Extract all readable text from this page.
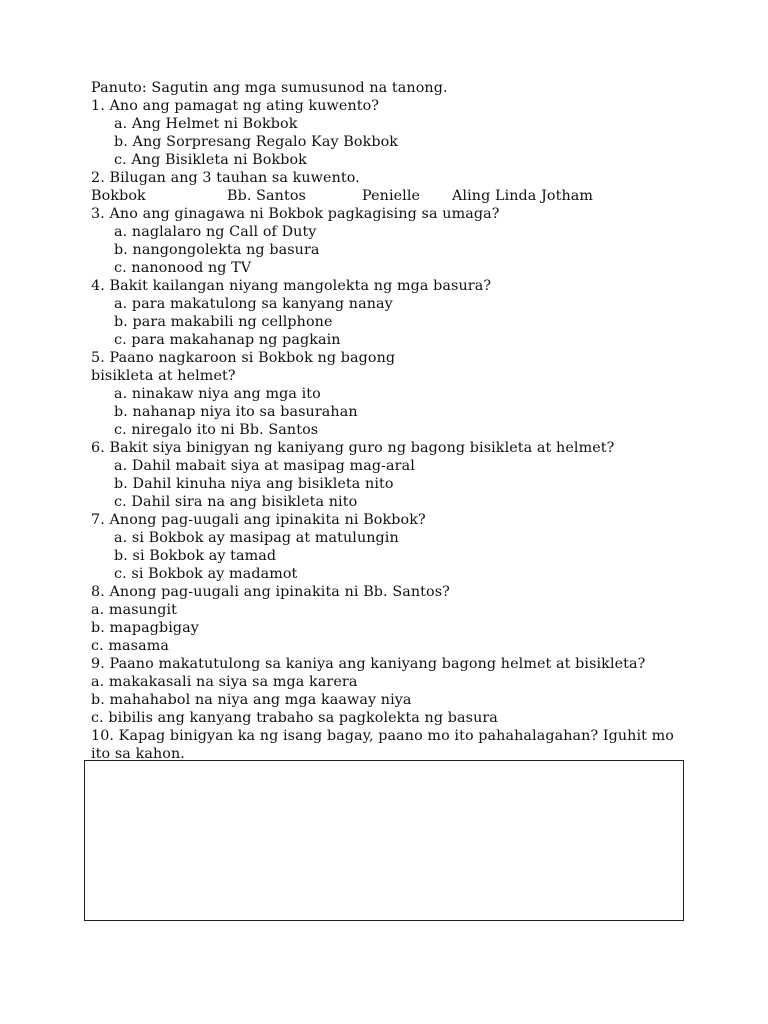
Panuto: Sagutin ang mga sumusunod na tanong.
1. Ano ang pamagat ng ating kuwento?
a. Ang Helmet ni Bokbok
b. Ang Sorpresang Regalo Kay Bokbok
c. Ang Bisikleta ni Bokbok
2. Bilugan ang 3 tauhan sa kuwento.
Bokbok	Bb. Santos	Penielle Aling Linda Jotham
3. Ano ang ginagawa ni Bokbok pagkagising sa umaga?
a. naglalaro ng Call of Duty
b. nangongolekta ng basura
c. nanonood ng TV
4. Bakit kailangan niyang mangolekta ng mga basura?
a. para makatulong sa kanyang nanay
b. para makabili ng cellphone
c. para makahanap ng pagkain
5. Paano nagkaroon si Bokbok ng bagong
bisikleta at helmet?
a. ninakaw niya ang mga ito
b. nahanap niya ito sa basurahan
c. niregalo ito ni Bb. Santos
6. Bakit siya binigyan ng kaniyang guro ng bagong bisikleta at helmet?
a. Dahil mabait siya at masipag mag-aral
b. Dahil kinuha niya ang bisikleta nito
c. Dahil sira na ang bisikleta nito
7. Anong pag-uugali ang ipinakita ni Bokbok?
a. si Bokbok ay masipag at matulungin
b. si Bokbok ay tamad
c. si Bokbok ay madamot
8. Anong pag-uugali ang ipinakita ni Bb. Santos?
a. masungit
b. mapagbigay
c. masama
9. Paano makatutulong sa kaniya ang kaniyang bagong helmet at bisikleta?
a. makakasali na siya sa mga karera
b. mahahabol na niya ang mga kaaway niya
c. bibilis ang kanyang trabaho sa pagkolekta ng basura
10. Kapag binigyan ka ng isang bagay, paano mo ito pahahalagahan? Iguhit mo
ito sa kahon.
